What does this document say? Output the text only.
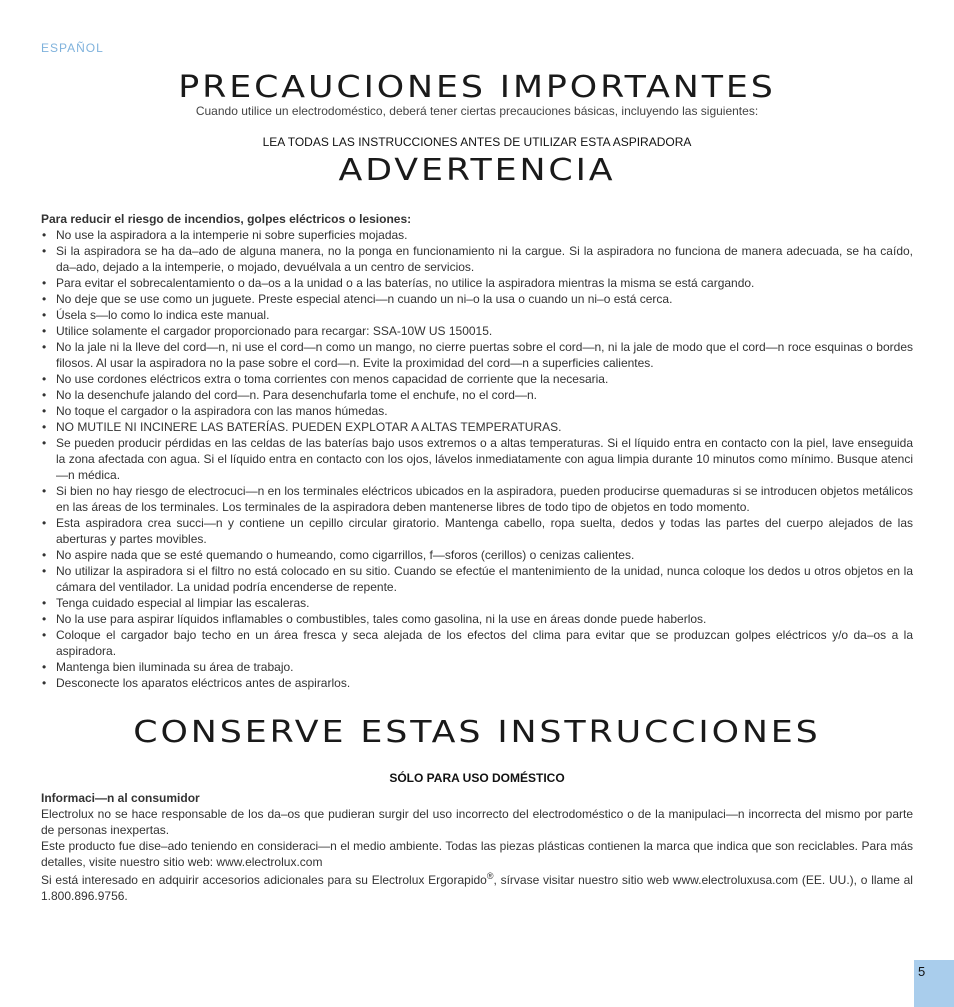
ESPAÑOL
PRECAUCIONES IMPORTANTES
Cuando utilice un electrodoméstico, deberá tener ciertas precauciones básicas, incluyendo las siguientes:
LEA TODAS LAS INSTRUCCIONES ANTES DE UTILIZAR ESTA ASPIRADORA
ADVERTENCIA
Para reducir el riesgo de incendios, golpes eléctricos o lesiones:
• No use la aspiradora a la intemperie ni sobre superficies mojadas.
• Si la aspiradora se ha da–ado de alguna manera, no la ponga en funcionamiento ni la cargue. Si la aspiradora no funciona de manera adecuada, se ha caído, da–ado, dejado a la intemperie, o mojado, devuélvala a un centro de servicios.
• Para evitar el sobrecalentamiento o da–os a la unidad o a las baterías, no utilice la aspiradora mientras la misma se está cargando.
• No deje que se use como un juguete. Preste especial atenci—n cuando un ni–o la usa o cuando un ni–o está cerca.
• Úsela s—lo como lo indica este manual.
• Utilice solamente el cargador proporcionado para recargar: SSA-10W US 150015.
• No la jale ni la lleve del cord—n, ni use el cord—n como un mango, no cierre puertas sobre el cord—n, ni la jale de modo que el cord—n roce esquinas o bordes filosos. Al usar la aspiradora no la pase sobre el cord—n. Evite la proximidad del cord—n a superficies calientes.
• No use cordones eléctricos extra o toma corrientes con menos capacidad de corriente que la necesaria.
• No la desenchufe jalando del cord—n. Para desenchufarla tome el enchufe, no el cord—n.
• No toque el cargador o la aspiradora con las manos húmedas.
• NO MUTILE NI INCINERE LAS BATERÍAS. PUEDEN EXPLOTAR A ALTAS TEMPERATURAS.
• Se pueden producir pérdidas en las celdas de las baterías bajo usos extremos o a altas temperaturas. Si el líquido entra en contacto con la piel, lave enseguida la zona afectada con agua. Si el líquido entra en contacto con los ojos, lávelos inmediatamente con agua limpia durante 10 minutos como mínimo. Busque atenci—n médica.
• Si bien no hay riesgo de electrocuci—n en los terminales eléctricos ubicados en la aspiradora, pueden producirse quemaduras si se introducen objetos metálicos en las áreas de los terminales. Los terminales de la aspiradora deben mantenerse libres de todo tipo de objetos en todo momento.
• Esta aspiradora crea succi—n y contiene un cepillo circular giratorio. Mantenga cabello, ropa suelta, dedos y todas las partes del cuerpo alejados de las aberturas y partes movibles.
• No aspire nada que se esté quemando o humeando, como cigarrillos, f—sforos (cerillos) o cenizas calientes.
• No utilizar la aspiradora si el filtro no está colocado en su sitio. Cuando se efectúe el mantenimiento de la unidad, nunca coloque los dedos u otros objetos en la cámara del ventilador. La unidad podría encenderse de repente.
• Tenga cuidado especial al limpiar las escaleras.
• No la use para aspirar líquidos inflamables o combustibles, tales como gasolina, ni la use en áreas donde puede haberlos.
• Coloque el cargador bajo techo en un área fresca y seca alejada de los efectos del clima para evitar que se produzcan golpes eléctricos y/o da–os a la aspiradora.
• Mantenga bien iluminada su área de trabajo.
• Desconecte los aparatos eléctricos antes de aspirarlos.
CONSERVE ESTAS INSTRUCCIONES
SÓLO PARA USO DOMÉSTICO
Informaci—n al consumidor
Electrolux no se hace responsable de los da–os que pudieran surgir del uso incorrecto del electrodoméstico o de la manipulaci—n incorrecta del mismo por parte de personas inexpertas.
Este producto fue dise–ado teniendo en consideraci—n el medio ambiente. Todas las piezas plásticas contienen la marca que indica que son reciclables. Para más detalles, visite nuestro sitio web: www.electrolux.com
Si está interesado en adquirir accesorios adicionales para su Electrolux Ergorapido®, sírvase visitar nuestro sitio web www.electroluxusa.com (EE. UU.), o llame al 1.800.896.9756.
5
